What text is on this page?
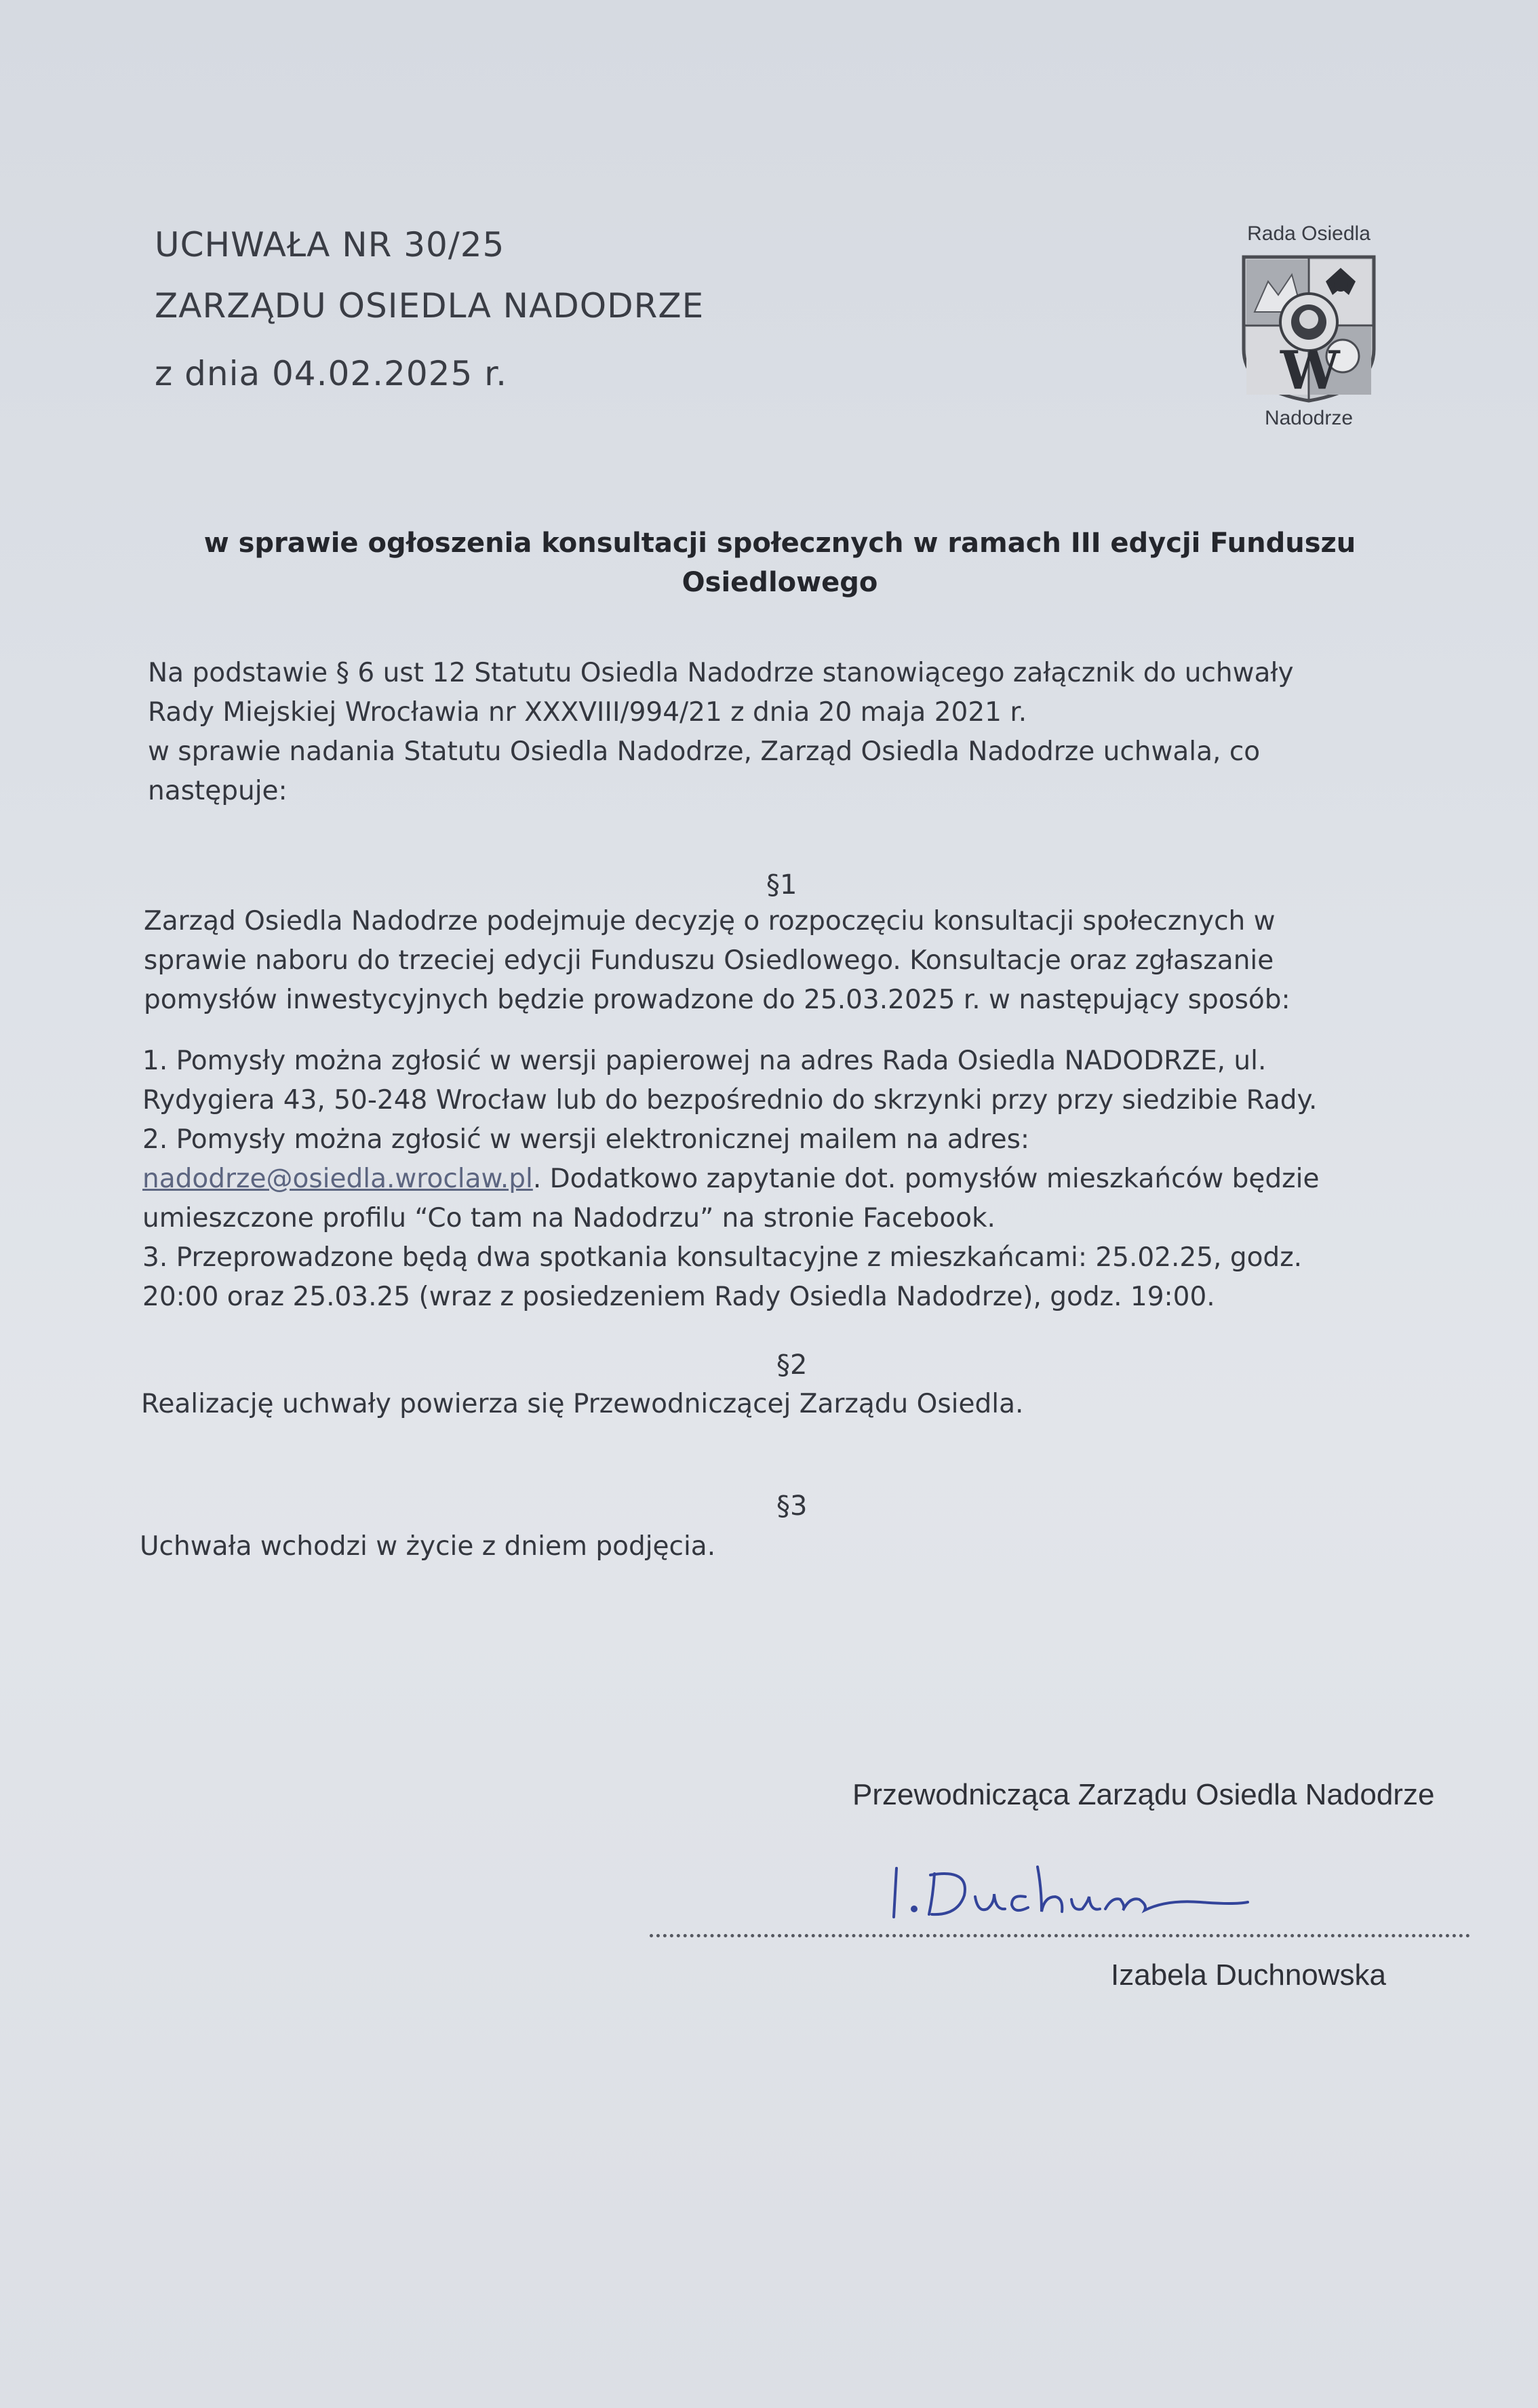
UCHWAŁA NR 30/25

ZARZĄDU OSIEDLA NADODRZE

z dnia 04.02.2025 r.

Rada Osiedla
W
Nadodrze
w sprawie ogłoszenia konsultacji społecznych w ramach III edycji Funduszu
Osiedlowego
Na podstawie § 6 ust 12 Statutu Osiedla Nadodrze stanowiącego załącznik do uchwały
Rady Miejskiej Wrocławia nr XXXVIII/994/21 z dnia 20 maja 2021 r.
w sprawie nadania Statutu Osiedla Nadodrze, Zarząd Osiedla Nadodrze uchwala, co
następuje:
§1
Zarząd Osiedla Nadodrze podejmuje decyzję o rozpoczęciu konsultacji społecznych w
sprawie naboru do trzeciej edycji Funduszu Osiedlowego. Konsultacje oraz zgłaszanie
pomysłów inwestycyjnych będzie prowadzone do 25.03.2025 r. w następujący sposób:
1. Pomysły można zgłosić w wersji papierowej na adres Rada Osiedla NADODRZE, ul.
Rydygiera 43, 50-248 Wrocław lub do bezpośrednio do skrzynki przy przy siedzibie Rady.
2. Pomysły można zgłosić w wersji elektronicznej mailem na adres:
nadodrze@osiedla.wroclaw.pl. Dodatkowo zapytanie dot. pomysłów mieszkańców będzie
umieszczone profilu “Co tam na Nadodrzu” na stronie Facebook.
3. Przeprowadzone będą dwa spotkania konsultacyjne z mieszkańcami: 25.02.25, godz.
20:00 oraz 25.03.25 (wraz z posiedzeniem Rady Osiedla Nadodrze), godz. 19:00.
§2
Realizację uchwały powierza się Przewodniczącej Zarządu Osiedla.
§3
Uchwała wchodzi w życie z dniem podjęcia.
Przewodnicząca Zarządu Osiedla Nadodrze
Izabela Duchnowska
